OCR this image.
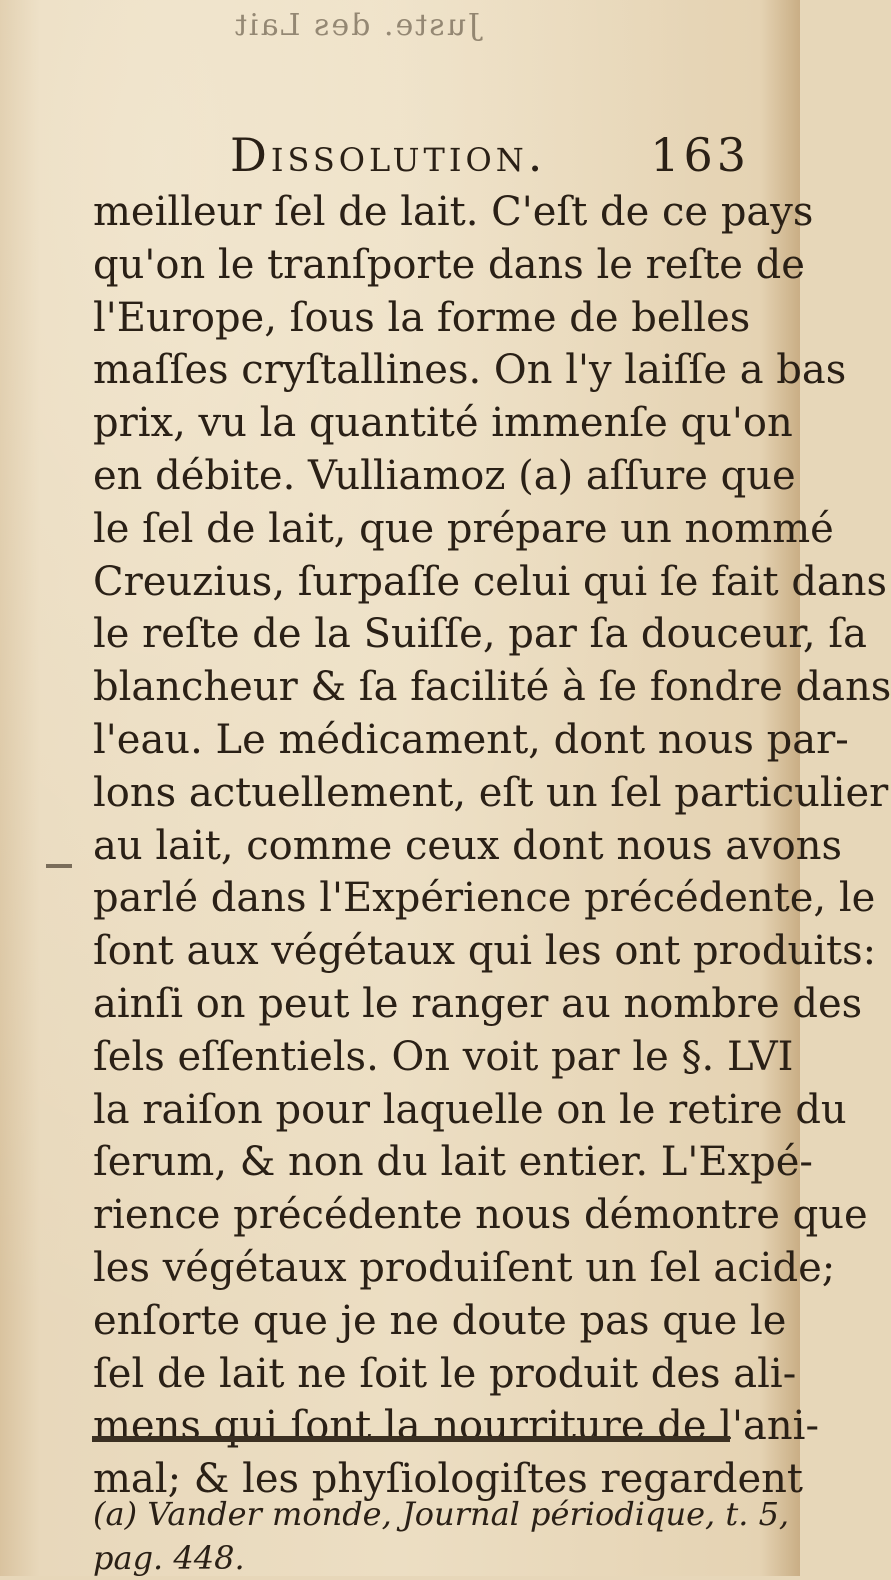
Juste. des Lait
Dissolution. 163
meilleur ſel de lait. C'eſt de ce pays
qu'on le tranſporte dans le reſte de
l'Europe, ſous la forme de belles
maſſes cryſtallines. On l'y laiſſe a bas
prix, vu la quantité immenſe qu'on
en débite. Vulliamoz (a) aſſure que
le ſel de lait, que prépare un nommé
Creuzius, ſurpaſſe celui qui ſe fait dans
le reſte de la Suiſſe, par ſa douceur, ſa
blancheur & ſa facilité à ſe fondre dans
l'eau. Le médicament, dont nous par-
lons actuellement, eſt un ſel particulier
au lait, comme ceux dont nous avons
parlé dans l'Expérience précédente, le
ſont aux végétaux qui les ont produits:
ainſi on peut le ranger au nombre des
ſels eſſentiels. On voit par le §. LVI
la raiſon pour laquelle on le retire du
ſerum, & non du lait entier. L'Expé-
rience précédente nous démontre que
les végétaux produiſent un ſel acide;
enſorte que je ne doute pas que le
ſel de lait ne ſoit le produit des ali-
mens qui ſont la nourriture de l'ani-
mal; & les phyſiologiſtes regardent
(a) Vander monde, Journal périodique, t. 5,
pag. 448.
